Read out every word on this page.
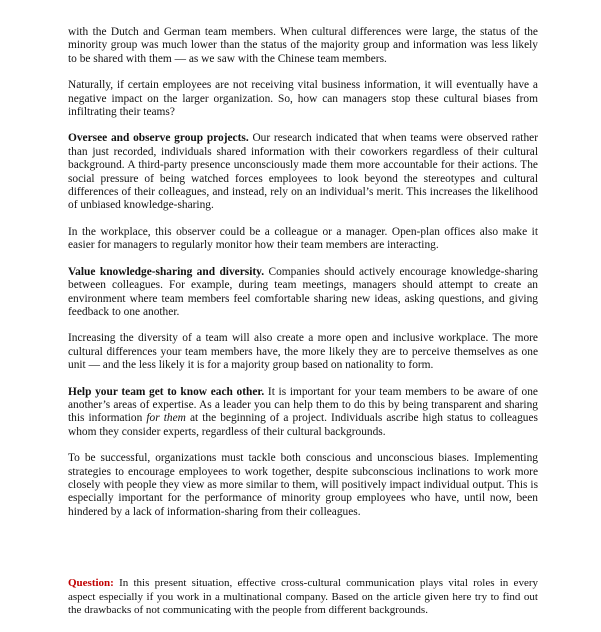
with the Dutch and German team members. When cultural differences were large, the status of the minority group was much lower than the status of the majority group and information was less likely to be shared with them — as we saw with the Chinese team members.

Naturally, if certain employees are not receiving vital business information, it will eventually have a negative impact on the larger organization. So, how can managers stop these cultural biases from infiltrating their teams?

Oversee and observe group projects. Our research indicated that when teams were observed rather than just recorded, individuals shared information with their coworkers regardless of their cultural background. A third-party presence unconsciously made them more accountable for their actions. The social pressure of being watched forces employees to look beyond the stereotypes and cultural differences of their colleagues, and instead, rely on an individual’s merit. This increases the likelihood of unbiased knowledge-sharing.

In the workplace, this observer could be a colleague or a manager. Open-plan offices also make it easier for managers to regularly monitor how their team members are interacting.

Value knowledge-sharing and diversity. Companies should actively encourage knowledge-sharing between colleagues. For example, during team meetings, managers should attempt to create an environment where team members feel comfortable sharing new ideas, asking questions, and giving feedback to one another.

Increasing the diversity of a team will also create a more open and inclusive workplace. The more cultural differences your team members have, the more likely they are to perceive themselves as one unit — and the less likely it is for a majority group based on nationality to form.

Help your team get to know each other. It is important for your team members to be aware of one another’s areas of expertise. As a leader you can help them to do this by being transparent and sharing this information for them at the beginning of a project. Individuals ascribe high status to colleagues whom they consider experts, regardless of their cultural backgrounds.

To be successful, organizations must tackle both conscious and unconscious biases. Implementing strategies to encourage employees to work together, despite subconscious inclinations to work more closely with people they view as more similar to them, will positively impact individual output. This is especially important for the performance of minority group employees who have, until now, been hindered by a lack of information-sharing from their colleagues.

Question: In this present situation, effective cross-cultural communication plays vital roles in every aspect especially if you work in a multinational company. Based on the article given here try to find out the drawbacks of not communicating with the people from different backgrounds.
